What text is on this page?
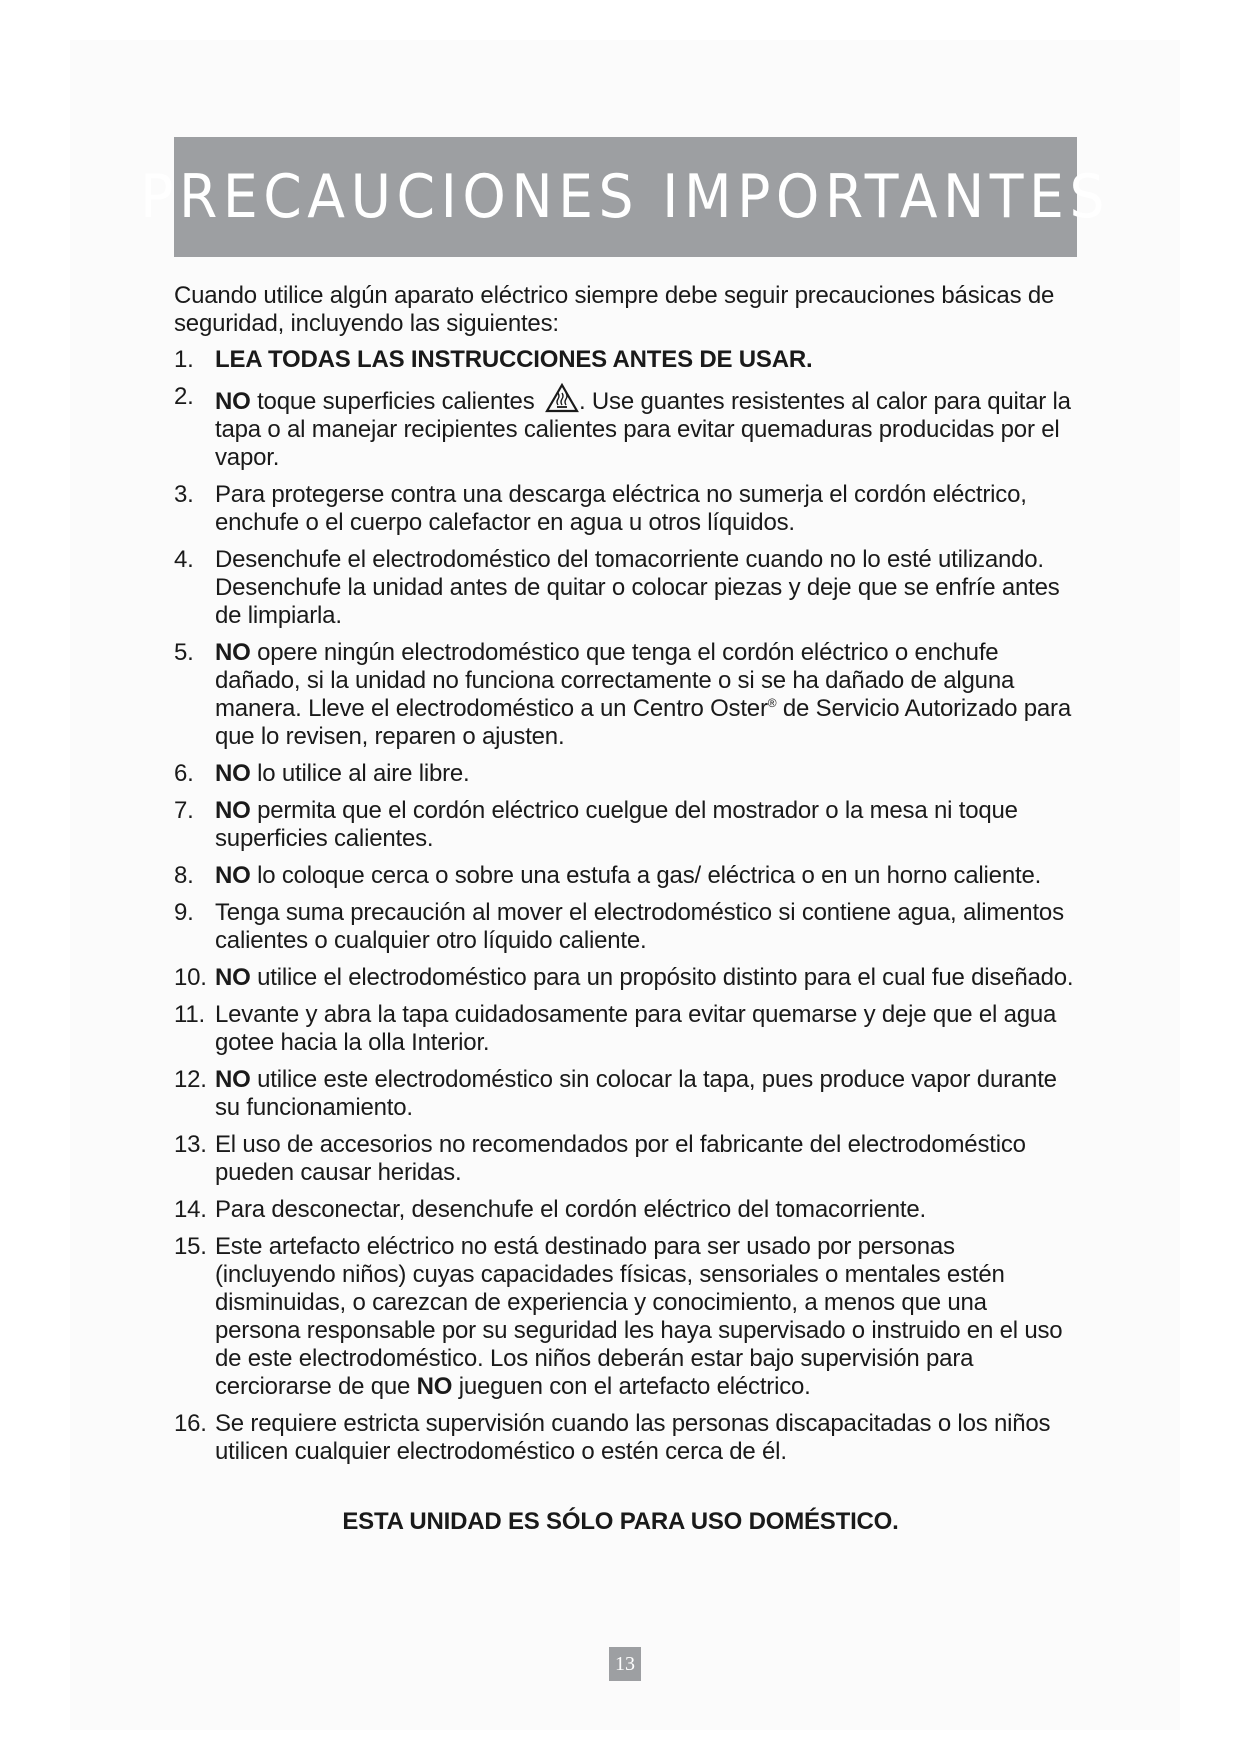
PRECAUCIONES IMPORTANTES

Cuando utilice algún aparato eléctrico siempre debe seguir precauciones básicas de seguridad, incluyendo las siguientes:

1. LEA TODAS LAS INSTRUCCIONES ANTES DE USAR.
2. NO toque superficies calientes . Use guantes resistentes al calor para quitar la tapa o al manejar recipientes calientes para evitar quemaduras producidas por el vapor.
3. Para protegerse contra una descarga eléctrica no sumerja el cordón eléctrico, enchufe o el cuerpo calefactor en agua u otros líquidos.
4. Desenchufe el electrodoméstico del tomacorriente cuando no lo esté utilizando. Desenchufe la unidad antes de quitar o colocar piezas y deje que se enfríe antes de limpiarla.
5. NO opere ningún electrodoméstico que tenga el cordón eléctrico o enchufe dañado, si la unidad no funciona correctamente o si se ha dañado de alguna manera. Lleve el electrodoméstico a un Centro Oster® de Servicio Autorizado para que lo revisen, reparen o ajusten.
6. NO lo utilice al aire libre.
7. NO permita que el cordón eléctrico cuelgue del mostrador o la mesa ni toque superficies calientes.
8. NO lo coloque cerca o sobre una estufa a gas/ eléctrica o en un horno caliente.
9. Tenga suma precaución al mover el electrodoméstico si contiene agua, alimentos calientes o cualquier otro líquido caliente.
10. NO utilice el electrodoméstico para un propósito distinto para el cual fue diseñado.
11. Levante y abra la tapa cuidadosamente para evitar quemarse y deje que el agua gotee hacia la olla Interior.
12. NO utilice este electrodoméstico sin colocar la tapa, pues produce vapor durante su funcionamiento.
13. El uso de accesorios no recomendados por el fabricante del electrodoméstico pueden causar heridas.
14. Para desconectar, desenchufe el cordón eléctrico del tomacorriente.
15. Este artefacto eléctrico no está destinado para ser usado por personas (incluyendo niños) cuyas capacidades físicas, sensoriales o mentales estén disminuidas, o carezcan de experiencia y conocimiento, a menos que una persona responsable por su seguridad les haya supervisado o instruido en el uso de este electrodoméstico. Los niños deberán estar bajo supervisión para cerciorarse de que NO jueguen con el artefacto eléctrico.
16. Se requiere estricta supervisión cuando las personas discapacitadas o los niños utilicen cualquier electrodoméstico o estén cerca de él.
ESTA UNIDAD ES SÓLO PARA USO DOMÉSTICO.
13
